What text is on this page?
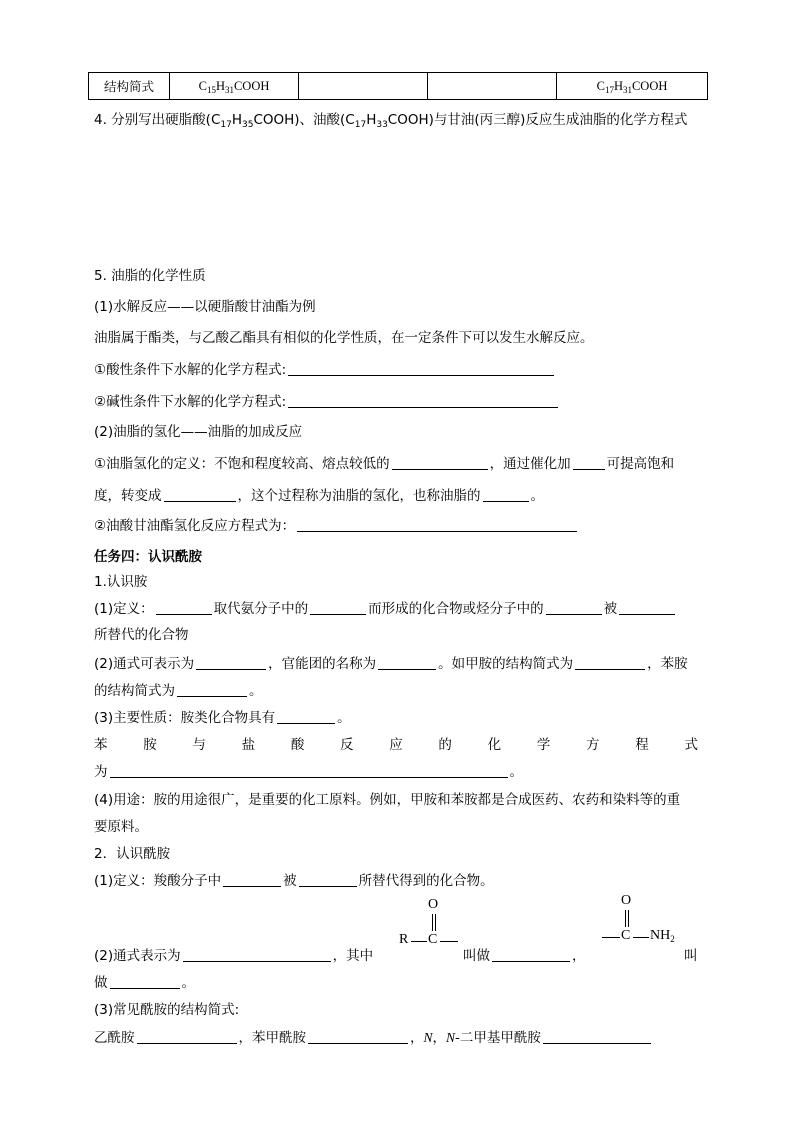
结构简式	$C_{15}H_{31}COOH$			$C_{17}H_{31}COOH$
4. 分别写出硬脂酸$(C_{17}H_{35}COOH)$、油酸$(C_{17}H_{33}COOH)$与甘油(丙三醇)反应生成油脂的化学方程式
5. 油脂的化学性质
(1)水解反应——以硬脂酸甘油酯为例
油脂属于酯类，与乙酸乙酯具有相似的化学性质，在一定条件下可以发生水解反应。
①酸性条件下水解的化学方程式:
②碱性条件下水解的化学方程式:
(2)油脂的氢化——油脂的加成反应
①油脂氢化的定义：不饱和程度较高、熔点较低的	，通过催化加	可提高饱和
度，转变成	，这个过程称为油脂的氢化，也称油脂的	。
②油酸甘油酯氢化反应方程式为：
任务四：认识酰胺
1.认识胺
(1)定义：	取代氨分子中的	而形成的化合物或烃分子中的	被
所替代的化合物
(2)通式可表示为	，官能团的名称为	。如甲胺的结构简式为	，苯胺
的结构简式为	。
(3)主要性质：胺类化合物具有	。
苯	胺	与	盐	酸	反	应	的	化	学	方	程	式
为	。
(4)用途：胺的用途很广，是重要的化工原料。例如，甲胺和苯胺都是合成医药、农药和染料等的重
要原料。
2．认识酰胺
(1)定义：羧酸分子中	被	所替代得到的化合物。
(2)通式表示为	，其中
R C
O
叫做	，
C $NH_2$
O
叫
做	。
(3)常见酰胺的结构简式:
乙酰胺	，苯甲酰胺	，N，N-二甲基甲酰胺
